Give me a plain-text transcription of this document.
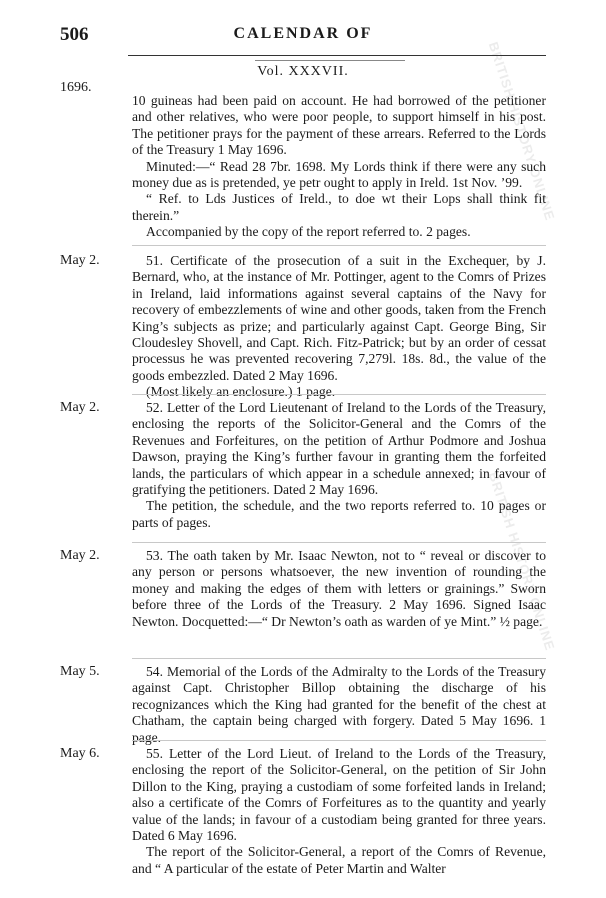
BRITISH HISTORY ONLINE
BRITISH HISTORY ONLINE
506	CALENDAR OF
Vol. XXXVII.
1696.

10 guineas had been paid on account. He had borrowed of the petitioner and other relatives, who were poor people, to support himself in his post. The petitioner prays for the payment of these arrears. Referred to the Lords of the Treasury 1 May 1696.

Minuted:—“ Read 28 7br. 1698. My Lords think if there were any such money due as is pretended, ye petr ought to apply in Ireld. 1st Nov. ’99.

“ Ref. to Lds Justices of Ireld., to doe wt their Lops shall think fit therein.”

Accompanied by the copy of the report referred to. 2 pages.

May 2.	51. Certificate of the prosecution of a suit in the Exchequer, by J. Bernard, who, at the instance of Mr. Pottinger, agent to the Comrs of Prizes in Ireland, laid informations against several captains of the Navy for recovery of embezzlements of wine and other goods, taken from the French King’s subjects as prize; and particularly against Capt. George Bing, Sir Cloudesley Shovell, and Capt. Rich. Fitz-Patrick; but by an order of cessat processus he was prevented recovering 7,279l. 18s. 8d., the value of the goods embezzled. Dated 2 May 1696.

(Most likely an enclosure.) 1 page.

May 2.	52. Letter of the Lord Lieutenant of Ireland to the Lords of the Treasury, enclosing the reports of the Solicitor-General and the Comrs of the Revenues and Forfeitures, on the petition of Arthur Podmore and Joshua Dawson, praying the King’s further favour in granting them the forfeited lands, the particulars of which appear in a schedule annexed; in favour of gratifying the petitioners. Dated 2 May 1696.

The petition, the schedule, and the two reports referred to. 10 pages or parts of pages.

May 2.	53. The oath taken by Mr. Isaac Newton, not to “ reveal or discover to any person or persons whatsoever, the new invention of rounding the money and making the edges of them with letters or grainings.” Sworn before three of the Lords of the Treasury. 2 May 1696. Signed Isaac Newton. Docquetted:—“ Dr Newton’s oath as warden of ye Mint.” ½ page.

May 5.	54. Memorial of the Lords of the Admiralty to the Lords of the Treasury against Capt. Christopher Billop obtaining the discharge of his recognizances which the King had granted for the benefit of the chest at Chatham, the captain being charged with forgery. Dated 5 May 1696. 1 page.

May 6.	55. Letter of the Lord Lieut. of Ireland to the Lords of the Treasury, enclosing the report of the Solicitor-General, on the petition of Sir John Dillon to the King, praying a custodiam of some forfeited lands in Ireland; also a certificate of the Comrs of Forfeitures as to the quantity and yearly value of the lands; in favour of a custodiam being granted for three years. Dated 6 May 1696.

The report of the Solicitor-General, a report of the Comrs of Revenue, and “ A particular of the estate of Peter Martin and Walter
